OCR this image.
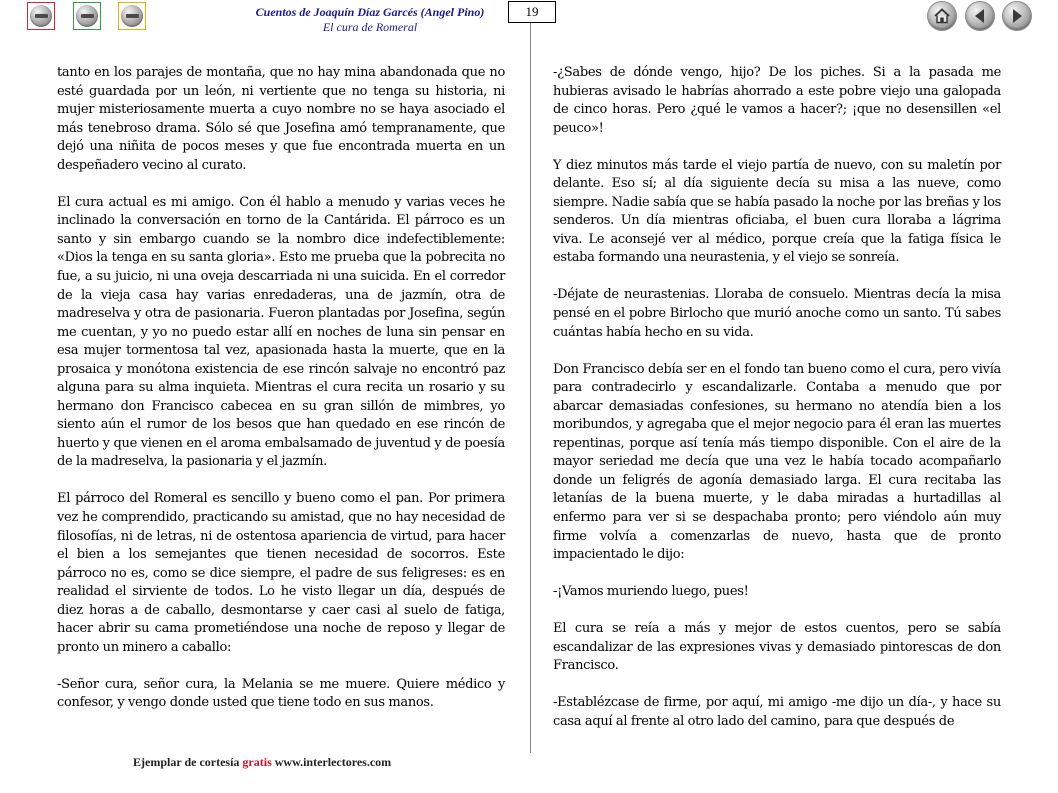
Cuentos de Joaquín Díaz Garcés (Angel Pino)
El cura de Romeral
19

tanto en los parajes de montaña, que no hay mina abandonada que no esté guardada por un león, ni vertiente que no tenga su historia, ni mujer misteriosamente muerta a cuyo nombre no se haya asociado el más tenebroso drama. Sólo sé que Josefina amó tempranamente, que dejó una niñita de pocos meses y que fue encontrada muerta en un despeñadero vecino al curato.

El cura actual es mi amigo. Con él hablo a menudo y varias veces he inclinado la conversación en torno de la Cantárida. El párroco es un santo y sin embargo cuando se la nombro dice indefectiblemente: «Dios la tenga en su santa gloria». Esto me prueba que la pobrecita no fue, a su juicio, ni una oveja descarriada ni una suicida. En el corredor de la vieja casa hay varias enredaderas, una de jazmín, otra de madreselva y otra de pasionaria. Fueron plantadas por Josefina, según me cuentan, y yo no puedo estar allí en noches de luna sin pensar en esa mujer tormentosa tal vez, apasionada hasta la muerte, que en la prosaica y monótona existencia de ese rincón salvaje no encontró paz alguna para su alma inquieta. Mientras el cura recita un rosario y su hermano don Francisco cabecea en su gran sillón de mimbres, yo siento aún el rumor de los besos que han quedado en ese rincón de huerto y que vienen en el aroma embalsamado de juventud y de poesía de la madreselva, la pasionaria y el jazmín.

El párroco del Romeral es sencillo y bueno como el pan. Por primera vez he comprendido, practicando su amistad, que no hay necesidad de filosofías, ni de letras, ni de ostentosa apariencia de virtud, para hacer el bien a los semejantes que tienen necesidad de socorros. Este párroco no es, como se dice siempre, el padre de sus feligreses: es en realidad el sirviente de todos. Lo he visto llegar un día, después de diez horas a de caballo, desmontarse y caer casi al suelo de fatiga, hacer abrir su cama prometiéndose una noche de reposo y llegar de pronto un minero a caballo:

-Señor cura, señor cura, la Melania se me muere. Quiere médico y confesor, y vengo donde usted que tiene todo en sus manos.

-¿Sabes de dónde vengo, hijo? De los piches. Si a la pasada me hubieras avisado le habrías ahorrado a este pobre viejo una galopada de cinco horas. Pero ¿qué le vamos a hacer?; ¡que no desensillen «el peuco»!

Y diez minutos más tarde el viejo partía de nuevo, con su maletín por delante. Eso sí; al día siguiente decía su misa a las nueve, como siempre. Nadie sabía que se había pasado la noche por las breñas y los senderos. Un día mientras oficiaba, el buen cura lloraba a lágrima viva. Le aconsejé ver al médico, porque creía que la fatiga física le estaba formando una neurastenia, y el viejo se sonreía.

-Déjate de neurastenias. Lloraba de consuelo. Mientras decía la misa pensé en el pobre Birlocho que murió anoche como un santo. Tú sabes cuántas había hecho en su vida.

Don Francisco debía ser en el fondo tan bueno como el cura, pero vivía para contradecirlo y escandalizarle. Contaba a menudo que por abarcar demasiadas confesiones, su hermano no atendía bien a los moribundos, y agregaba que el mejor negocio para él eran las muertes repentinas, porque así tenía más tiempo disponible. Con el aire de la mayor seriedad me decía que una vez le había tocado acompañarlo donde un feligrés de agonía demasiado larga. El cura recitaba las letanías de la buena muerte, y le daba miradas a hurtadillas al enfermo para ver si se despachaba pronto; pero viéndolo aún muy firme volvía a comenzarlas de nuevo, hasta que de pronto impacientado le dijo:

-¡Vamos muriendo luego, pues!

El cura se reía a más y mejor de estos cuentos, pero se sabía escandalizar de las expresiones vivas y demasiado pintorescas de don Francisco.

-Establézcase de firme, por aquí, mi amigo -me dijo un día-, y hace su casa aquí al frente al otro lado del camino, para que después de

Ejemplar de cortesía gratis www.interlectores.com
